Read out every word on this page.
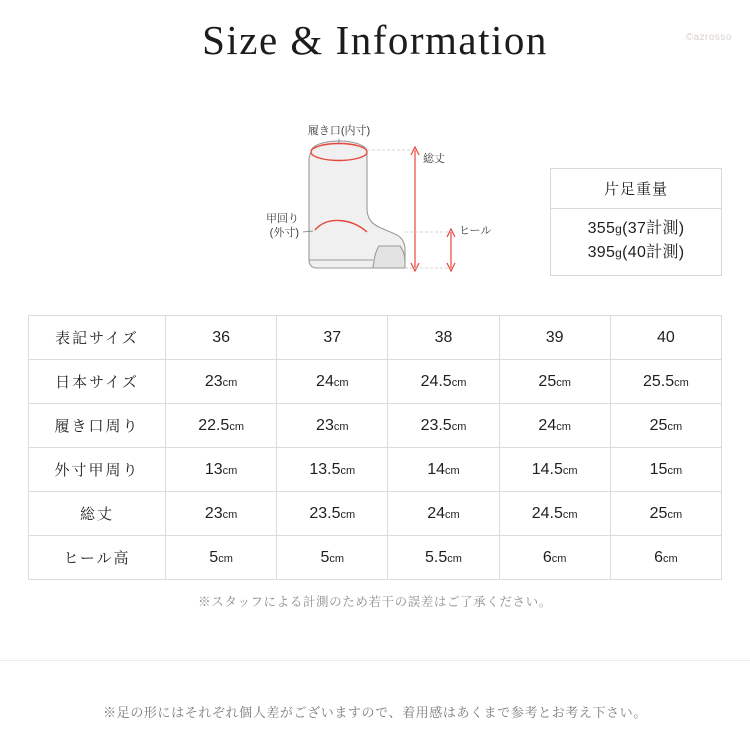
Size & Information	©azrosso
履き口(内寸)
甲回り
(外寸)
総丈
ヒール
片足重量
355g(37計測)
395g(40計測)
表記サイズ	36	37	38	39	40
日本サイズ	23cm	24cm	24.5cm	25cm	25.5cm
履き口周り	22.5cm	23cm	23.5cm	24cm	25cm
外寸甲周り	13cm	13.5cm	14cm	14.5cm	15cm
総丈	23cm	23.5cm	24cm	24.5cm	25cm
ヒール高	5cm	5cm	5.5cm	6cm	6cm
※スタッフによる計測のため若干の誤差はご了承ください。
※足の形にはそれぞれ個人差がございますので、着用感はあくまで参考とお考え下さい。
